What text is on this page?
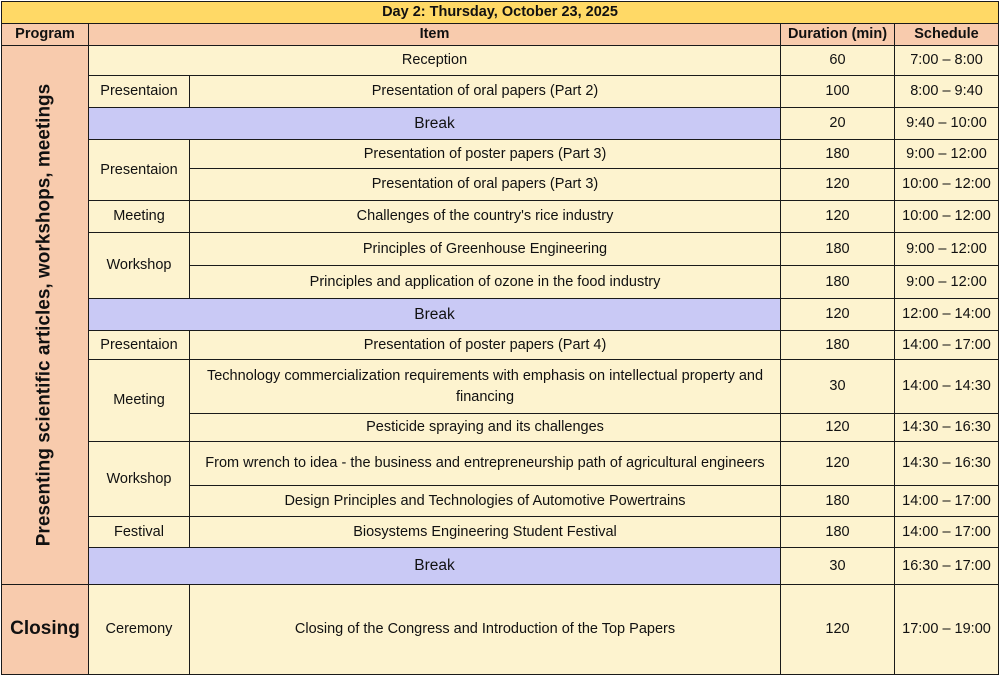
Day 2: Thursday, October 23, 2025				
Program	Item		Duration (min)	Schedule

Presenting scientific articles, workshops, meetings	Reception		60	7:00 – 8:00
	Presentaion	Presentation of oral papers (Part 2)	100	8:00 – 9:40
	Break		20	9:40 – 10:00
	Presentaion	Presentation of poster papers (Part 3)	180	9:00 – 12:00
		Presentation of oral papers (Part 3)	120	10:00 – 12:00
	Meeting	Challenges of the country's rice industry	120	10:00 – 12:00
	Workshop	Principles of Greenhouse Engineering	180	9:00 – 12:00
		Principles and application of ozone in the food industry	180	9:00 – 12:00
	Break		120	12:00 – 14:00
	Presentaion	Presentation of poster papers (Part 4)	180	14:00 – 17:00
	Meeting	Technology commercialization requirements with emphasis on intellectual property and financing	30	14:00 – 14:30
		Pesticide spraying and its challenges	120	14:30 – 16:30
	Workshop	From wrench to idea - the business and entrepreneurship path of agricultural engineers	120	14:30 – 16:30
		Design Principles and Technologies of Automotive Powertrains	180	14:00 – 17:00
	Festival	Biosystems Engineering Student Festival	180	14:00 – 17:00
	Break		30	16:30 – 17:00
Closing	Ceremony	Closing of the Congress and Introduction of the Top Papers	120	17:00 – 19:00
